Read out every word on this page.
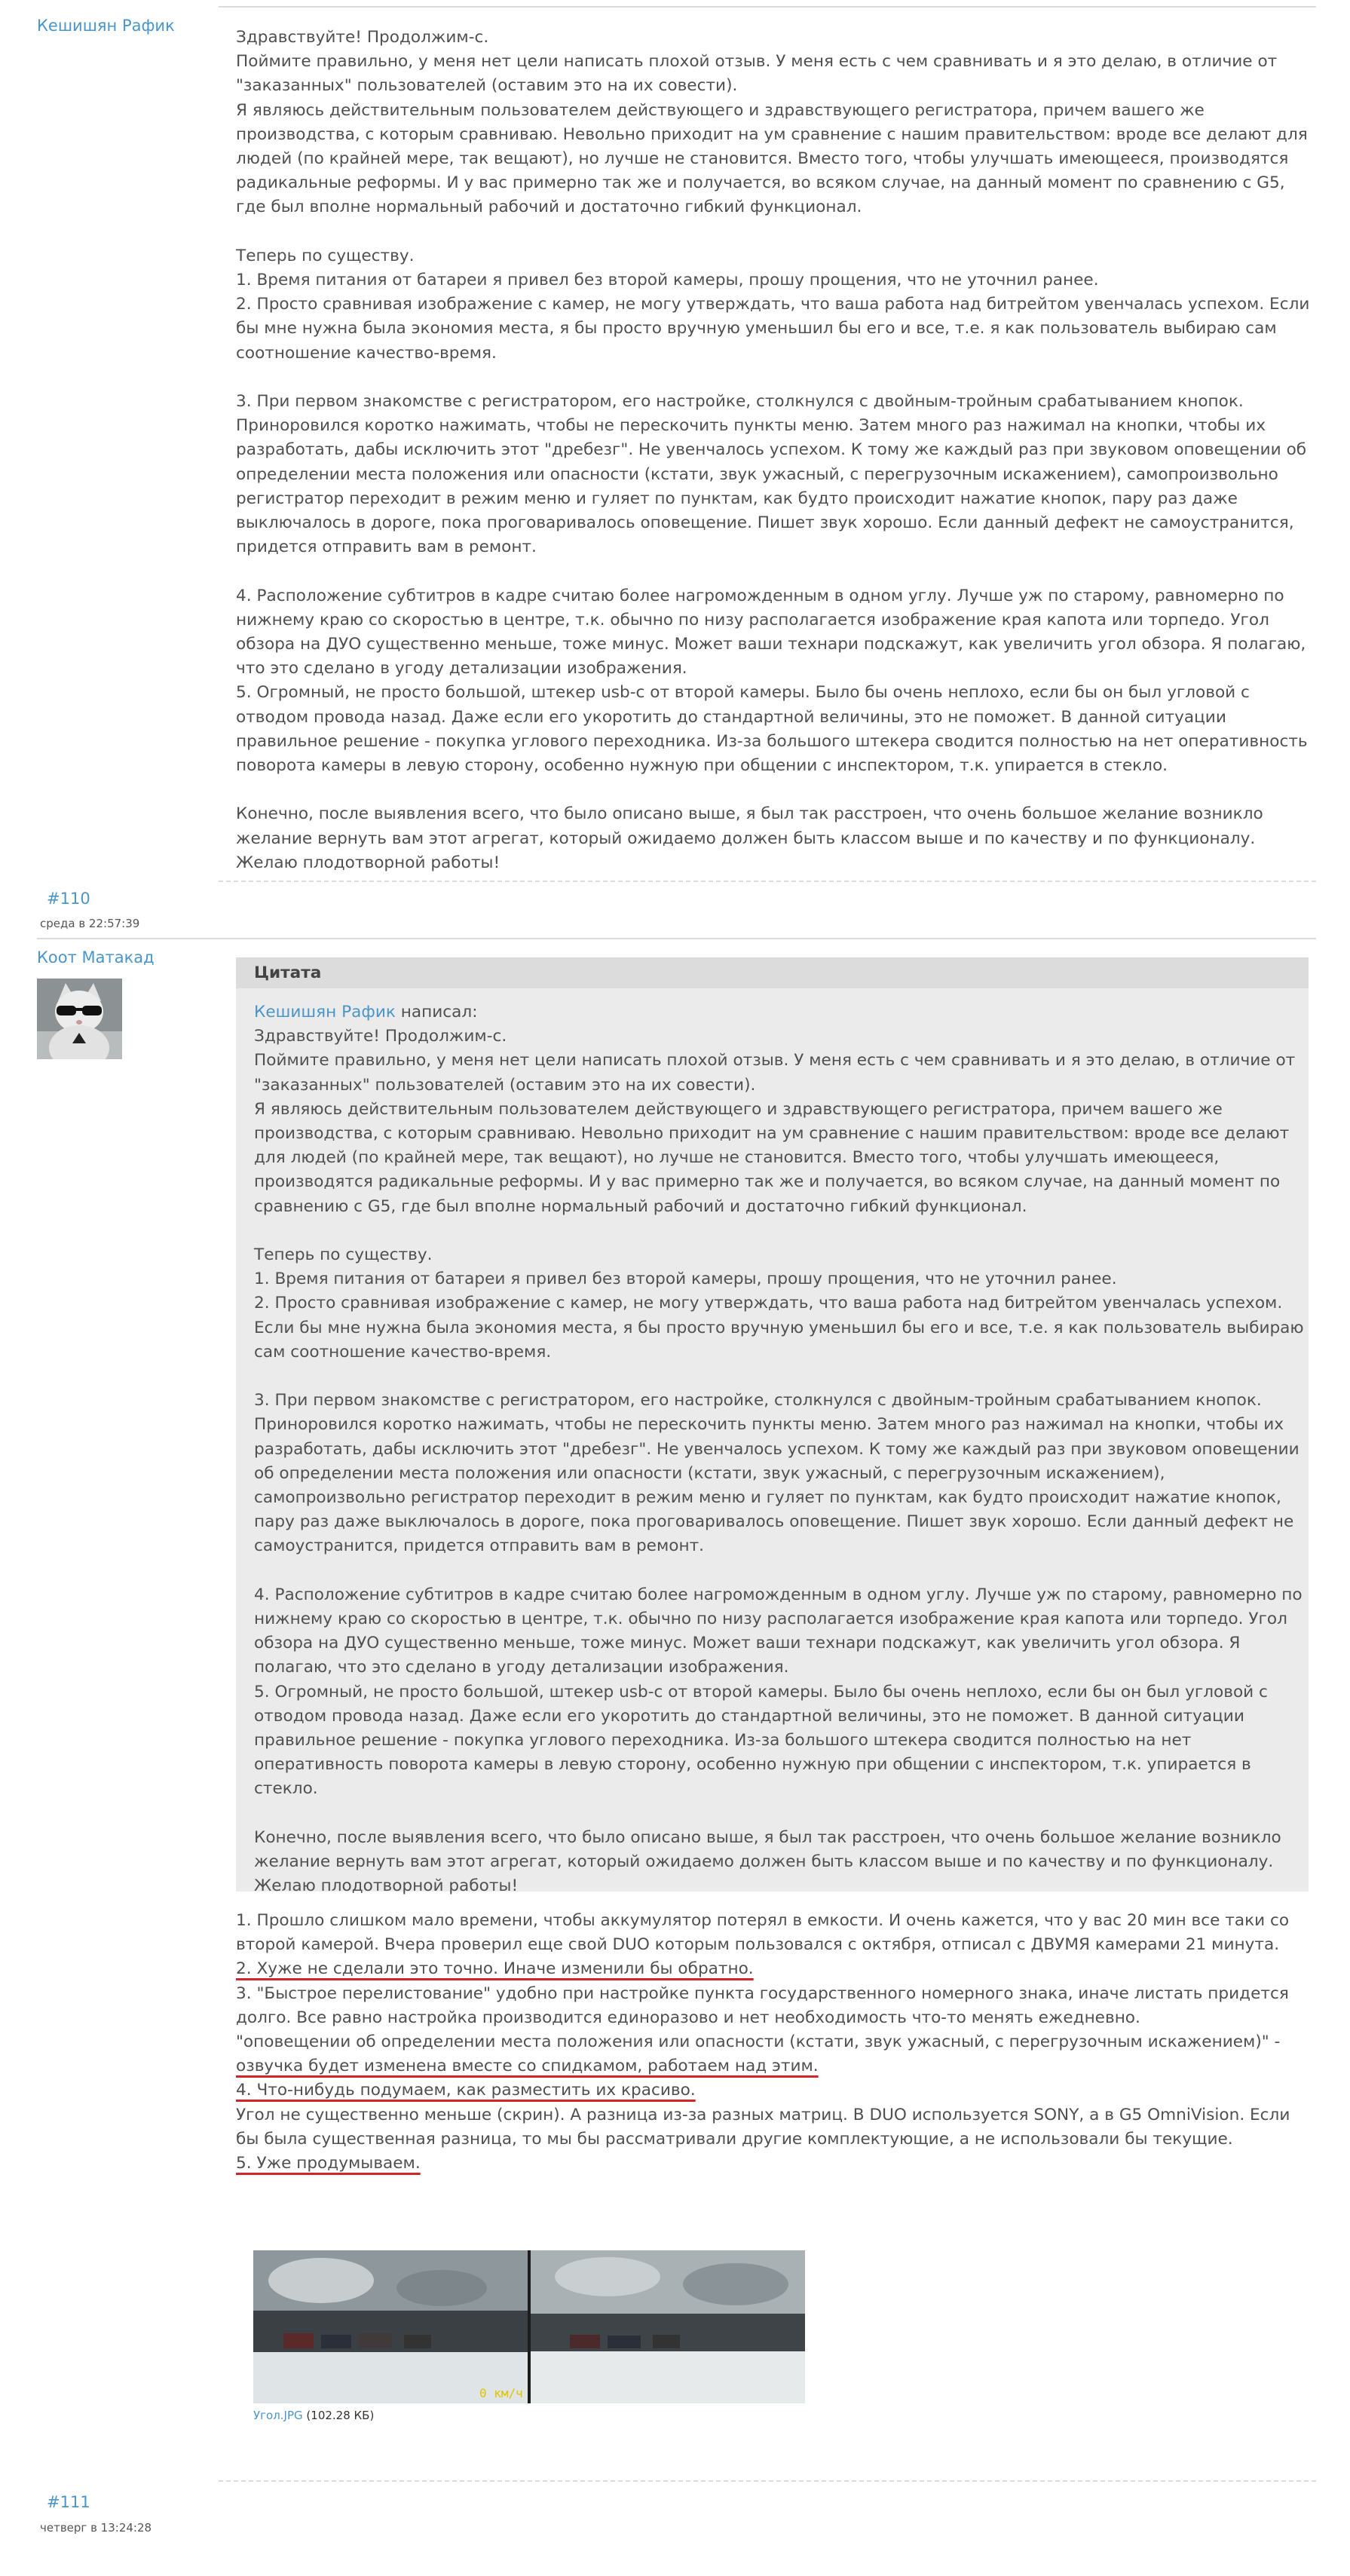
Кешишян Рафик

Здравствуйте! Продолжим-с.

Поймите правильно, у меня нет цели написать плохой отзыв. У меня есть с чем сравнивать и я это делаю, в отличие от "заказанных" пользователей (оставим это на их совести).

Я являюсь действительным пользователем действующего и здравствующего регистратора, причем вашего же производства, с которым сравниваю. Невольно приходит на ум сравнение с нашим правительством: вроде все делают для людей (по крайней мере, так вещают), но лучше не становится. Вместо того, чтобы улучшать имеющееся, производятся радикальные реформы. И у вас примерно так же и получается, во всяком случае, на данный момент по сравнению с G5, где был вполне нормальный рабочий и достаточно гибкий функционал.

Теперь по существу.

1. Время питания от батареи я привел без второй камеры, прошу прощения, что не уточнил ранее.

2. Просто сравнивая изображение с камер, не могу утверждать, что ваша работа над битрейтом увенчалась успехом. Если бы мне нужна была экономия места, я бы просто вручную уменьшил бы его и все, т.е. я как пользователь выбираю сам соотношение качество-время.

3. При первом знакомстве с регистратором, его настройке, столкнулся с двойным-тройным срабатыванием кнопок. Приноровился коротко нажимать, чтобы не перескочить пункты меню. Затем много раз нажимал на кнопки, чтобы их разработать, дабы исключить этот "дребезг". Не увенчалось успехом. К тому же каждый раз при звуковом оповещении об определении места положения или опасности (кстати, звук ужасный, с перегрузочным искажением), самопроизвольно регистратор переходит в режим меню и гуляет по пунктам, как будто происходит нажатие кнопок, пару раз даже выключалось в дороге, пока проговаривалось оповещение. Пишет звук хорошо. Если данный дефект не самоустранится, придется отправить вам в ремонт.

4. Расположение субтитров в кадре считаю более нагроможденным в одном углу. Лучше уж по старому, равномерно по нижнему краю со скоростью в центре, т.к. обычно по низу располагается изображение края капота или торпедо. Угол обзора на ДУО существенно меньше, тоже минус. Может ваши технари подскажут, как увеличить угол обзора. Я полагаю, что это сделано в угоду детализации изображения.

5. Огромный, не просто большой, штекер usb-c от второй камеры. Было бы очень неплохо, если бы он был угловой с отводом провода назад. Даже если его укоротить до стандартной величины, это не поможет. В данной ситуации правильное решение - покупка углового переходника. Из-за большого штекера сводится полностью на нет оперативность поворота камеры в левую сторону, особенно нужную при общении с инспектором, т.к. упирается в стекло.

Конечно, после выявления всего, что было описано выше, я был так расстроен, что очень большое желание возникло желание вернуть вам этот агрегат, который ожидаемо должен быть классом выше и по качеству и по функционалу. Желаю плодотворной работы!

#110
среда в 22:57:39
Коот Матакад
Цитата

Кешишян Рафик написал:

Здравствуйте! Продолжим-с.

Поймите правильно, у меня нет цели написать плохой отзыв. У меня есть с чем сравнивать и я это делаю, в отличие от "заказанных" пользователей (оставим это на их совести).

Я являюсь действительным пользователем действующего и здравствующего регистратора, причем вашего же производства, с которым сравниваю. Невольно приходит на ум сравнение с нашим правительством: вроде все делают для людей (по крайней мере, так вещают), но лучше не становится. Вместо того, чтобы улучшать имеющееся, производятся радикальные реформы. И у вас примерно так же и получается, во всяком случае, на данный момент по сравнению с G5, где был вполне нормальный рабочий и достаточно гибкий функционал.

Теперь по существу.

1. Время питания от батареи я привел без второй камеры, прошу прощения, что не уточнил ранее.

2. Просто сравнивая изображение с камер, не могу утверждать, что ваша работа над битрейтом увенчалась успехом. Если бы мне нужна была экономия места, я бы просто вручную уменьшил бы его и все, т.е. я как пользователь выбираю сам соотношение качество-время.

3. При первом знакомстве с регистратором, его настройке, столкнулся с двойным-тройным срабатыванием кнопок. Приноровился коротко нажимать, чтобы не перескочить пункты меню. Затем много раз нажимал на кнопки, чтобы их разработать, дабы исключить этот "дребезг". Не увенчалось успехом. К тому же каждый раз при звуковом оповещении об определении места положения или опасности (кстати, звук ужасный, с перегрузочным искажением), самопроизвольно регистратор переходит в режим меню и гуляет по пунктам, как будто происходит нажатие кнопок, пару раз даже выключалось в дороге, пока проговаривалось оповещение. Пишет звук хорошо. Если данный дефект не самоустранится, придется отправить вам в ремонт.

4. Расположение субтитров в кадре считаю более нагроможденным в одном углу. Лучше уж по старому, равномерно по нижнему краю со скоростью в центре, т.к. обычно по низу располагается изображение края капота или торпедо. Угол обзора на ДУО существенно меньше, тоже минус. Может ваши технари подскажут, как увеличить угол обзора. Я полагаю, что это сделано в угоду детализации изображения.

5. Огромный, не просто большой, штекер usb-c от второй камеры. Было бы очень неплохо, если бы он был угловой с отводом провода назад. Даже если его укоротить до стандартной величины, это не поможет. В данной ситуации правильное решение - покупка углового переходника. Из-за большого штекера сводится полностью на нет оперативность поворота камеры в левую сторону, особенно нужную при общении с инспектором, т.к. упирается в стекло.

Конечно, после выявления всего, что было описано выше, я был так расстроен, что очень большое желание возникло желание вернуть вам этот агрегат, который ожидаемо должен быть классом выше и по качеству и по функционалу. Желаю плодотворной работы!

1. Прошло слишком мало времени, чтобы аккумулятор потерял в емкости. И очень кажется, что у вас 20 мин все таки со второй камерой. Вчера проверил еще свой DUO которым пользовался с октября, отписал с ДВУМЯ камерами 21 минута.

2. Хуже не сделали это точно. Иначе изменили бы обратно.

3. "Быстрое перелистование" удобно при настройке пункта государственного номерного знака, иначе листать придется долго. Все равно настройка производится единоразово и нет необходимость что-то менять ежедневно.

"оповещении об определении места положения или опасности (кстати, звук ужасный, с перегрузочным искажением)" - озвучка будет изменена вместе со спидкамом, работаем над этим.

4. Что-нибудь подумаем, как разместить их красиво.

Угол не существенно меньше (скрин). А разница из-за разных матриц. В DUO используется SONY, а в G5 OmniVision. Если бы была существенная разница, то мы бы рассматривали другие комплектующие, а не использовали бы текущие.

5. Уже продумываем.

0 км/ч
Угол.JPG (102.28 КБ)
#111
четверг в 13:24:28
